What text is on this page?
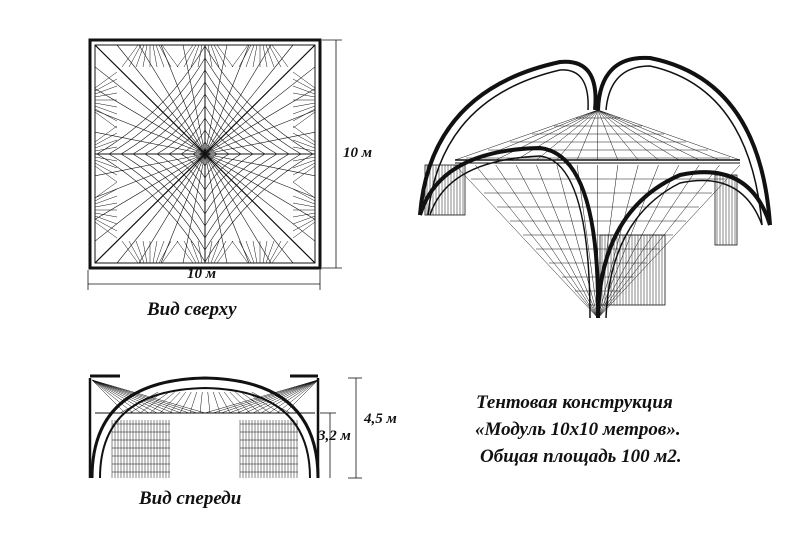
10 м
10 м
Вид сверху
4,5 м
3,2 м
Вид спереди
Тентовая конструкция
«Модуль 10х10 метров».
Общая площадь 100 м2.
